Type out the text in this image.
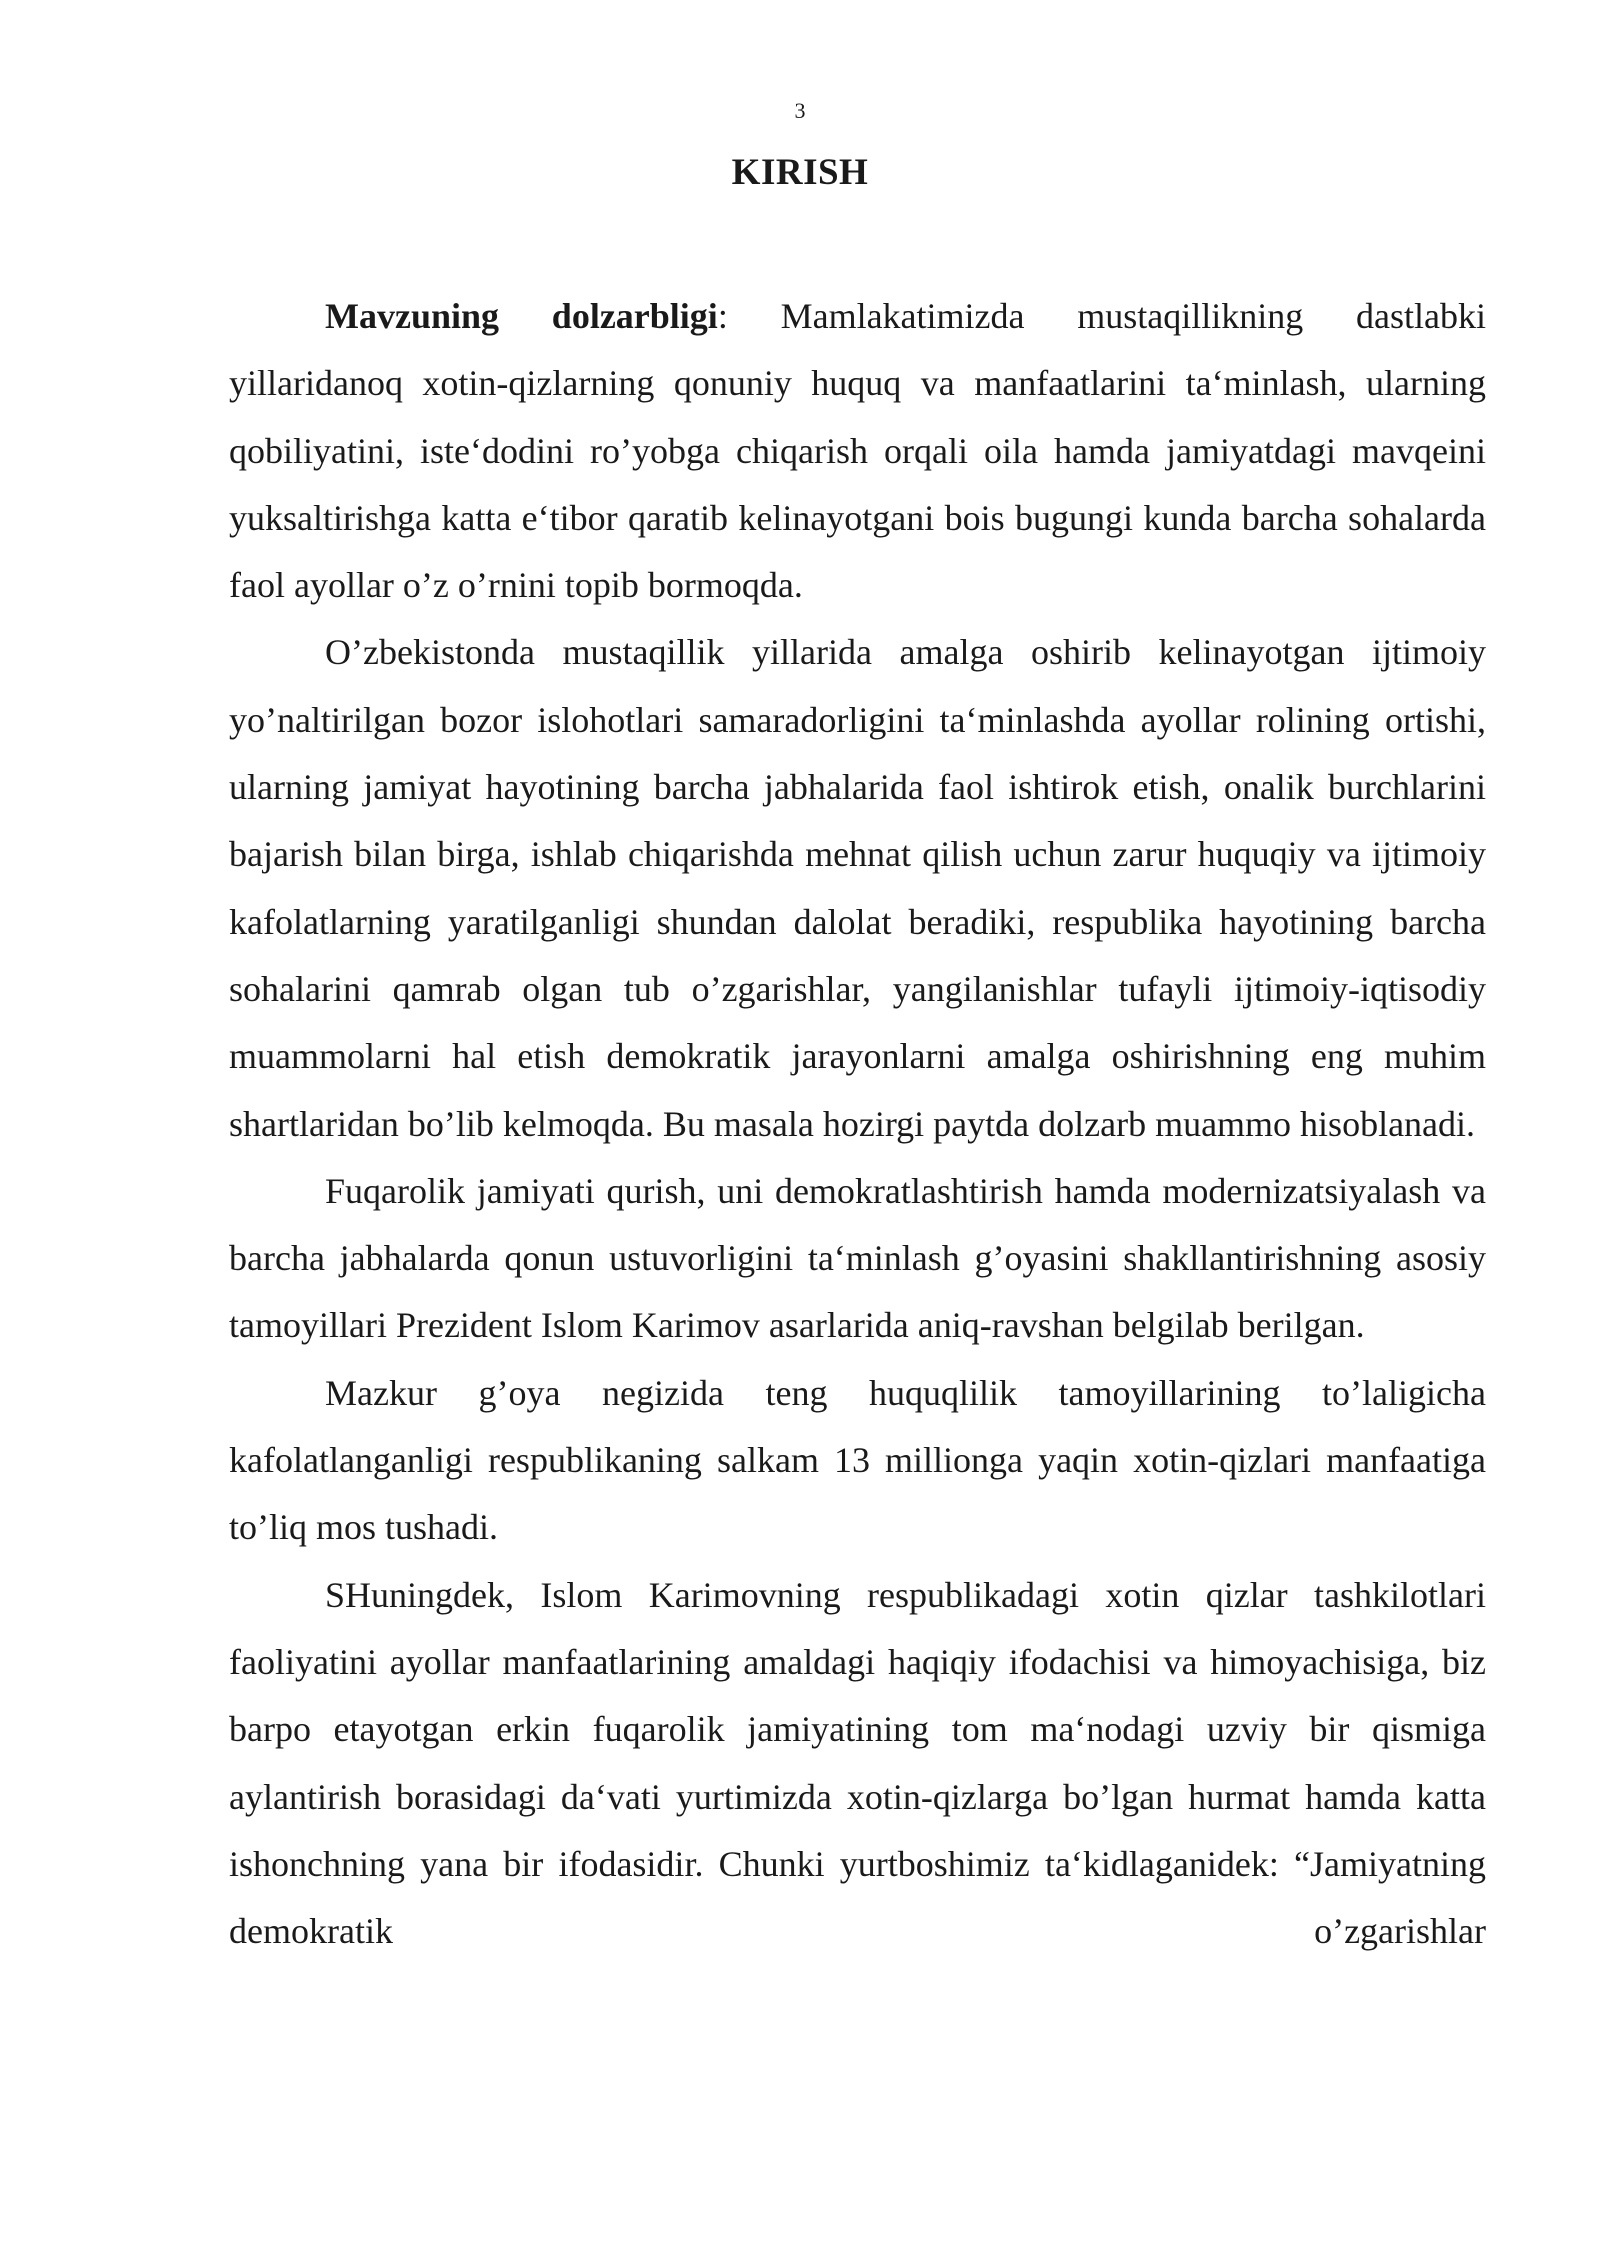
3
KIRISH

Mavzuning dolzarbligi: Mamlakatimizda mustaqillikning dastlabki yillaridanoq xotin-qizlarning qonuniy huquq va manfaatlarini ta‘minlash, ularning qobiliyatini, iste‘dodini ro’yobga chiqarish orqali oila hamda jamiyatdagi mavqeini yuksaltirishga katta e‘tibor qaratib kelinayotgani bois bugungi kunda barcha sohalarda faol ayollar o’z o’rnini topib bormoqda.

O’zbekistonda mustaqillik yillarida amalga oshirib kelinayotgan ijtimoiy yo’naltirilgan bozor islohotlari samaradorligini ta‘minlashda ayollar rolining ortishi, ularning jamiyat hayotining barcha jabhalarida faol ishtirok etish, onalik burchlarini bajarish bilan birga, ishlab chiqarishda mehnat qilish uchun zarur huquqiy va ijtimoiy kafolatlarning yaratilganligi shundan dalolat beradiki, respublika hayotining barcha sohalarini qamrab olgan tub o’zgarishlar, yangilanishlar tufayli ijtimoiy-iqtisodiy muammolarni hal etish demokratik jarayonlarni amalga oshirishning eng muhim shartlaridan bo’lib kelmoqda. Bu masala hozirgi paytda dolzarb muammo hisoblanadi.

Fuqarolik jamiyati qurish, uni demokratlashtirish hamda modernizatsiyalash va barcha jabhalarda qonun ustuvorligini ta‘minlash g’oyasini shakllantirishning asosiy tamoyillari Prezident Islom Karimov asarlarida aniq-ravshan belgilab berilgan.

Mazkur g’oya negizida teng huquqlilik tamoyillarining to’laligicha kafolatlanganligi respublikaning salkam 13 millionga yaqin xotin-qizlari manfaatiga to’liq mos tushadi.

SHuningdek, Islom Karimovning respublikadagi xotin qizlar tashkilotlari faoliyatini ayollar manfaatlarining amaldagi haqiqiy ifodachisi va himoyachisiga, biz barpo etayotgan erkin fuqarolik jamiyatining tom ma‘nodagi uzviy bir qismiga aylantirish borasidagi da‘vati yurtimizda xotin-qizlarga bo’lgan hurmat hamda katta ishonchning yana bir ifodasidir. Chunki yurtboshimiz ta‘kidlaganidek: “Jamiyatning demokratik o’zgarishlar
